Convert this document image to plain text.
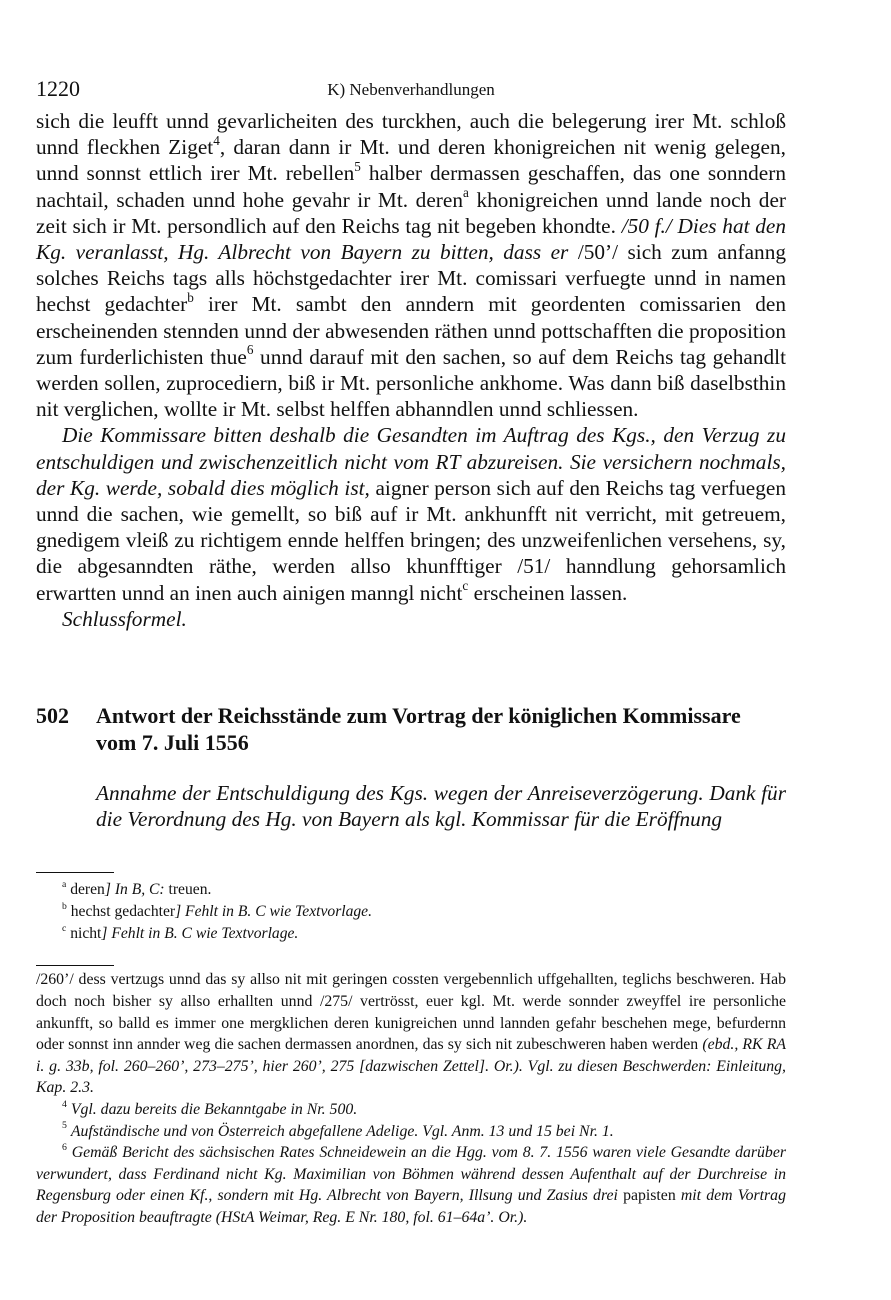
1220	K) Nebenverhandlungen

sich die leufft unnd gevarlicheiten des turckhen, auch die belegerung irer Mt. schloß unnd fleckhen Ziget$^4$, daran dann ir Mt. und deren khonigreichen nit wenig gelegen, unnd sonnst ettlich irer Mt. rebellen$^5$ halber dermassen geschaffen, das one sonndern nachtail, schaden unnd hohe gevahr ir Mt. deren$^a$ khonigreichen unnd lande noch der zeit sich ir Mt. persondlich auf den Reichs tag nit begeben khondte. /50 f./ Dies hat den Kg. veranlasst, Hg. Albrecht von Bayern zu bitten, dass er /50’/ sich zum anfanng solches Reichs tags alls höchstgedachter irer Mt. comissari verfuegte unnd in namen hechst gedachter$^b$ irer Mt. sambt den anndern mit geordenten comissarien den erscheinenden stennden unnd der abwesenden räthen unnd pottschafften die proposition zum furderlichisten thue$^6$ unnd darauf mit den sachen, so auf dem Reichs tag gehandlt werden sollen, zuprocediern, biß ir Mt. personliche ankhome. Was dann biß daselbsthin nit verglichen, wollte ir Mt. selbst helffen abhanndlen unnd schliessen.

Die Kommissare bitten deshalb die Gesandten im Auftrag des Kgs., den Verzug zu entschuldigen und zwischenzeitlich nicht vom RT abzureisen. Sie versichern nochmals, der Kg. werde, sobald dies möglich ist, aigner person sich auf den Reichs tag verfuegen unnd die sachen, wie gemellt, so biß auf ir Mt. ankhunfft nit verricht, mit getreuem, gnedigem vleiß zu richtigem ennde helffen bringen; des unzweifenlichen versehens, sy, die abgesanndten räthe, werden allso khunfftiger /51/ hanndlung gehorsamlich erwartten unnd an inen auch ainigen manngl nicht$^c$ erscheinen lassen.

Schlussformel.

502	Antwort der Reichsstände zum Vortrag der königlichen Kommissare vom 7. Juli 1556
Annahme der Entschuldigung des Kgs. wegen der Anreiseverzögerung. Dank für die Verordnung des Hg. von Bayern als kgl. Kommissar für die Eröffnung
$^a$ deren] In B, C: treuen.
$^b$ hechst gedachter] Fehlt in B. C wie Textvorlage.
$^c$ nicht] Fehlt in B. C wie Textvorlage.
/260’/ dess vertzugs unnd das sy allso nit mit geringen cossten vergebennlich uffgehallten, teglichs beschweren. Hab doch noch bisher sy allso erhallten unnd /275/ vertrösst, euer kgl. Mt. werde sonnder zweyffel ire personliche ankunfft, so balld es immer one mergklichen deren kunigreichen unnd lannden gefahr beschehen mege, befurdernn oder sonnst inn annder weg die sachen dermassen anordnen, das sy sich nit zubeschweren haben werden (ebd., RK RA i. g. 33b, fol. 260–260’, 273–275’, hier 260’, 275 [dazwischen Zettel]. Or.). Vgl. zu diesen Beschwerden: Einleitung, Kap. 2.3.
$^4$ Vgl. dazu bereits die Bekanntgabe in Nr. 500.
$^5$ Aufständische und von Österreich abgefallene Adelige. Vgl. Anm. 13 und 15 bei Nr. 1.
$^6$ Gemäß Bericht des sächsischen Rates Schneidewein an die Hgg. vom 8. 7. 1556 waren viele Gesandte darüber verwundert, dass Ferdinand nicht Kg. Maximilian von Böhmen während dessen Aufenthalt auf der Durchreise in Regensburg oder einen Kf., sondern mit Hg. Albrecht von Bayern, Illsung und Zasius drei papisten mit dem Vortrag der Proposition beauftragte (HStA Weimar, Reg. E Nr. 180, fol. 61–64a’. Or.).
